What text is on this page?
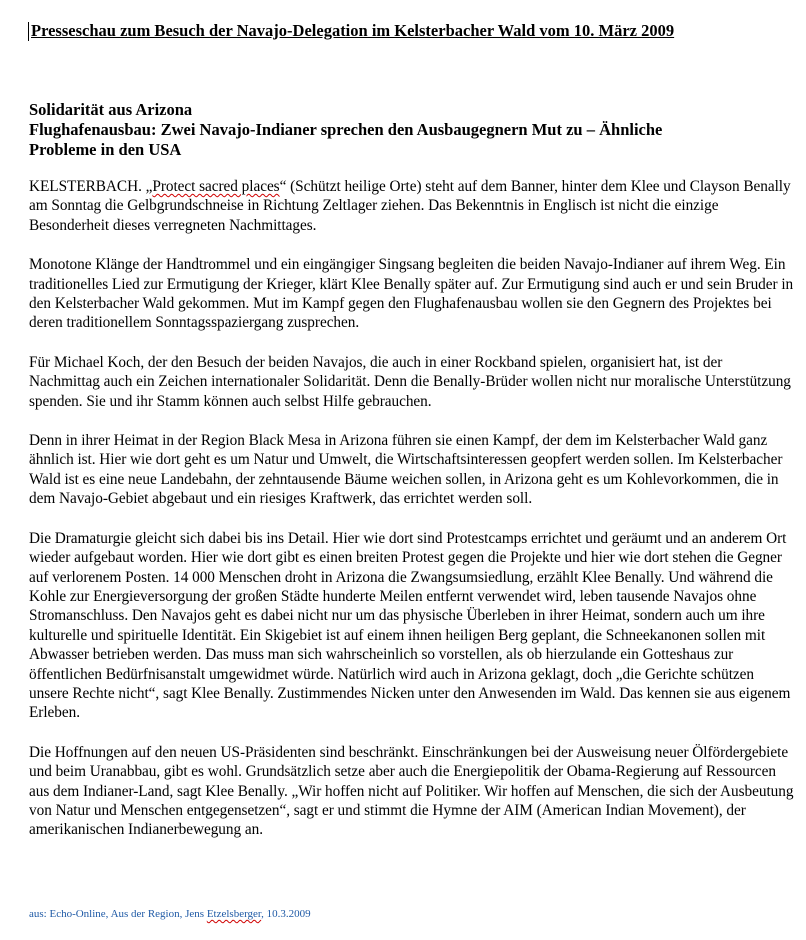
Presseschau zum Besuch der Navajo-Delegation im Kelsterbacher Wald vom 10. März 2009
Solidarität aus Arizona
Flughafenausbau: Zwei Navajo-Indianer sprechen den Ausbaugegnern Mut zu – Ähnliche
Probleme in den USA

KELSTERBACH. „Protect sacred places“ (Schützt heilige Orte) steht auf dem Banner, hinter dem Klee und Clayson Benally am Sonntag die Gelbgrundschneise in Richtung Zeltlager ziehen. Das Bekenntnis in Englisch ist nicht die einzige Besonderheit dieses verregneten Nachmittages.

Monotone Klänge der Handtrommel und ein eingängiger Singsang begleiten die beiden Navajo-Indianer auf ihrem Weg. Ein traditionelles Lied zur Ermutigung der Krieger, klärt Klee Benally später auf. Zur Ermutigung sind auch er und sein Bruder in den Kelsterbacher Wald gekommen. Mut im Kampf gegen den Flughafenausbau wollen sie den Gegnern des Projektes bei deren traditionellem Sonntagsspaziergang zusprechen.

Für Michael Koch, der den Besuch der beiden Navajos, die auch in einer Rockband spielen, organisiert hat, ist der Nachmittag auch ein Zeichen internationaler Solidarität. Denn die Benally-Brüder wollen nicht nur moralische Unterstützung spenden. Sie und ihr Stamm können auch selbst Hilfe gebrauchen.

Denn in ihrer Heimat in der Region Black Mesa in Arizona führen sie einen Kampf, der dem im Kelsterbacher Wald ganz ähnlich ist. Hier wie dort geht es um Natur und Umwelt, die Wirtschaftsinteressen geopfert werden sollen. Im Kelsterbacher Wald ist es eine neue Landebahn, der zehntausende Bäume weichen sollen, in Arizona geht es um Kohlevorkommen, die in dem Navajo-Gebiet abgebaut und ein riesiges Kraftwerk, das errichtet werden soll.

Die Dramaturgie gleicht sich dabei bis ins Detail. Hier wie dort sind Protestcamps errichtet und geräumt und an anderem Ort wieder aufgebaut worden. Hier wie dort gibt es einen breiten Protest gegen die Projekte und hier wie dort stehen die Gegner auf verlorenem Posten. 14 000 Menschen droht in Arizona die Zwangsumsiedlung, erzählt Klee Benally. Und während die Kohle zur Energieversorgung der großen Städte hunderte Meilen entfernt verwendet wird, leben tausende Navajos ohne Stromanschluss. Den Navajos geht es dabei nicht nur um das physische Überleben in ihrer Heimat, sondern auch um ihre kulturelle und spirituelle Identität. Ein Skigebiet ist auf einem ihnen heiligen Berg geplant, die Schneekanonen sollen mit Abwasser betrieben werden. Das muss man sich wahrscheinlich so vorstellen, als ob hierzulande ein Gotteshaus zur öffentlichen Bedürfnisanstalt umgewidmet würde. Natürlich wird auch in Arizona geklagt, doch „die Gerichte schützen unsere Rechte nicht“, sagt Klee Benally. Zustimmendes Nicken unter den Anwesenden im Wald. Das kennen sie aus eigenem Erleben.

Die Hoffnungen auf den neuen US-Präsidenten sind beschränkt. Einschränkungen bei der Ausweisung neuer Ölfördergebiete und beim Uranabbau, gibt es wohl. Grundsätzlich setze aber auch die Energiepolitik der Obama-Regierung auf Ressourcen aus dem Indianer-Land, sagt Klee Benally. „Wir hoffen nicht auf Politiker. Wir hoffen auf Menschen, die sich der Ausbeutung von Natur und Menschen entgegensetzen“, sagt er und stimmt die Hymne der AIM (American Indian Movement), der amerikanischen Indianerbewegung an.

aus: Echo-Online, Aus der Region, Jens Etzelsberger, 10.3.2009
